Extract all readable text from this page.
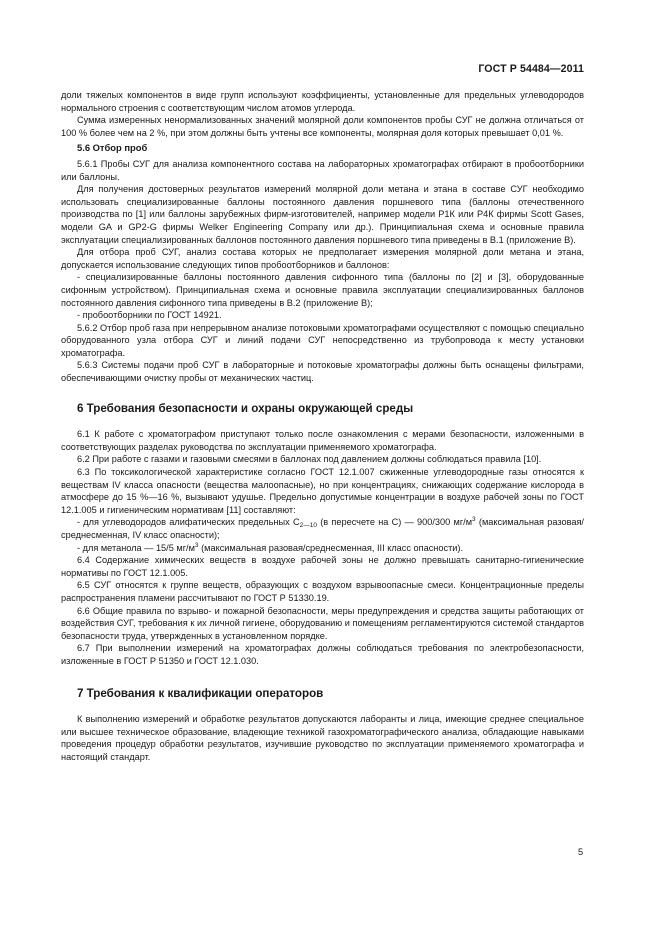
ГОСТ Р 54484—2011

доли тяжелых компонентов в виде групп используют коэффициенты, установленные для предельных углеводородов нормального строения с соответствующим числом атомов углерода.

Сумма измеренных ненормализованных значений молярной доли компонентов пробы СУГ не должна отличаться от 100 % более чем на 2 %, при этом должны быть учтены все компоненты, молярная доля которых превышает 0,01 %.

5.6 Отбор проб

5.6.1 Пробы СУГ для анализа компонентного состава на лабораторных хроматографах отбирают в пробоотборники или баллоны.

Для получения достоверных результатов измерений молярной доли метана и этана в составе СУГ необходимо использовать специализированные баллоны постоянного давления поршневого типа (баллоны отечественного производства по [1] или баллоны зарубежных фирм-изготовителей, например модели Р1К или Р4К фирмы Scott Gases, модели GA и GP2-G фирмы Welker Engineering Company или др.). Принципиальная схема и основные правила эксплуатации специализированных баллонов постоянного давления поршневого типа приведены в В.1 (приложение В).

Для отбора проб СУГ, анализ состава которых не предполагает измерения молярной доли метана и этана, допускается использование следующих типов пробоотборников и баллонов:

- специализированные баллоны постоянного давления сифонного типа (баллоны по [2] и [3], оборудованные сифонным устройством). Принципиальная схема и основные правила эксплуатации специализированных баллонов постоянного давления сифонного типа приведены в В.2 (приложение В);

- пробоотборники по ГОСТ 14921.

5.6.2 Отбор проб газа при непрерывном анализе потоковыми хроматографами осуществляют с помощью специально оборудованного узла отбора СУГ и линий подачи СУГ непосредственно из трубопровода к месту установки хроматографа.

5.6.3 Системы подачи проб СУГ в лабораторные и потоковые хроматографы должны быть оснащены фильтрами, обеспечивающими очистку пробы от механических частиц.

6 Требования безопасности и охраны окружающей среды

6.1 К работе с хроматографом приступают только после ознакомления с мерами безопасности, изложенными в соответствующих разделах руководства по эксплуатации применяемого хроматографа.

6.2 При работе с газами и газовыми смесями в баллонах под давлением должны соблюдаться правила [10].

6.3 По токсикологической характеристике согласно ГОСТ 12.1.007 сжиженные углеводородные газы относятся к веществам IV класса опасности (вещества малоопасные), но при концентрациях, снижающих содержание кислорода в атмосфере до 15 %—16 %, вызывают удушье. Предельно допустимые концентрации в воздухе рабочей зоны по ГОСТ 12.1.005 и гигиеническим нормативам [11] составляют:

- для углеводородов алифатических предельных $С_{2—10}$ (в пересчете на С) — 900/300 $мг/м^3$ (максимальная разовая/среднесменная, IV класс опасности);

- для метанола — 15/5 $мг/м^3$ (максимальная разовая/среднесменная, III класс опасности).

6.4 Содержание химических веществ в воздухе рабочей зоны не должно превышать санитарно-гигиенические нормативы по ГОСТ 12.1.005.

6.5 СУГ относятся к группе веществ, образующих с воздухом взрывоопасные смеси. Концентрационные пределы распространения пламени рассчитывают по ГОСТ Р 51330.19.

6.6 Общие правила по взрыво- и пожарной безопасности, меры предупреждения и средства защиты работающих от воздействия СУГ, требования к их личной гигиене, оборудованию и помещениям регламентируются системой стандартов безопасности труда, утвержденных в установленном порядке.

6.7 При выполнении измерений на хроматографах должны соблюдаться требования по электробезопасности, изложенные в ГОСТ Р 51350 и ГОСТ 12.1.030.

7 Требования к квалификации операторов

К выполнению измерений и обработке результатов допускаются лаборанты и лица, имеющие среднее специальное или высшее техническое образование, владеющие техникой газохроматографического анализа, обладающие навыками проведения процедур обработки результатов, изучившие руководство по эксплуатации применяемого хроматографа и настоящий стандарт.

5
